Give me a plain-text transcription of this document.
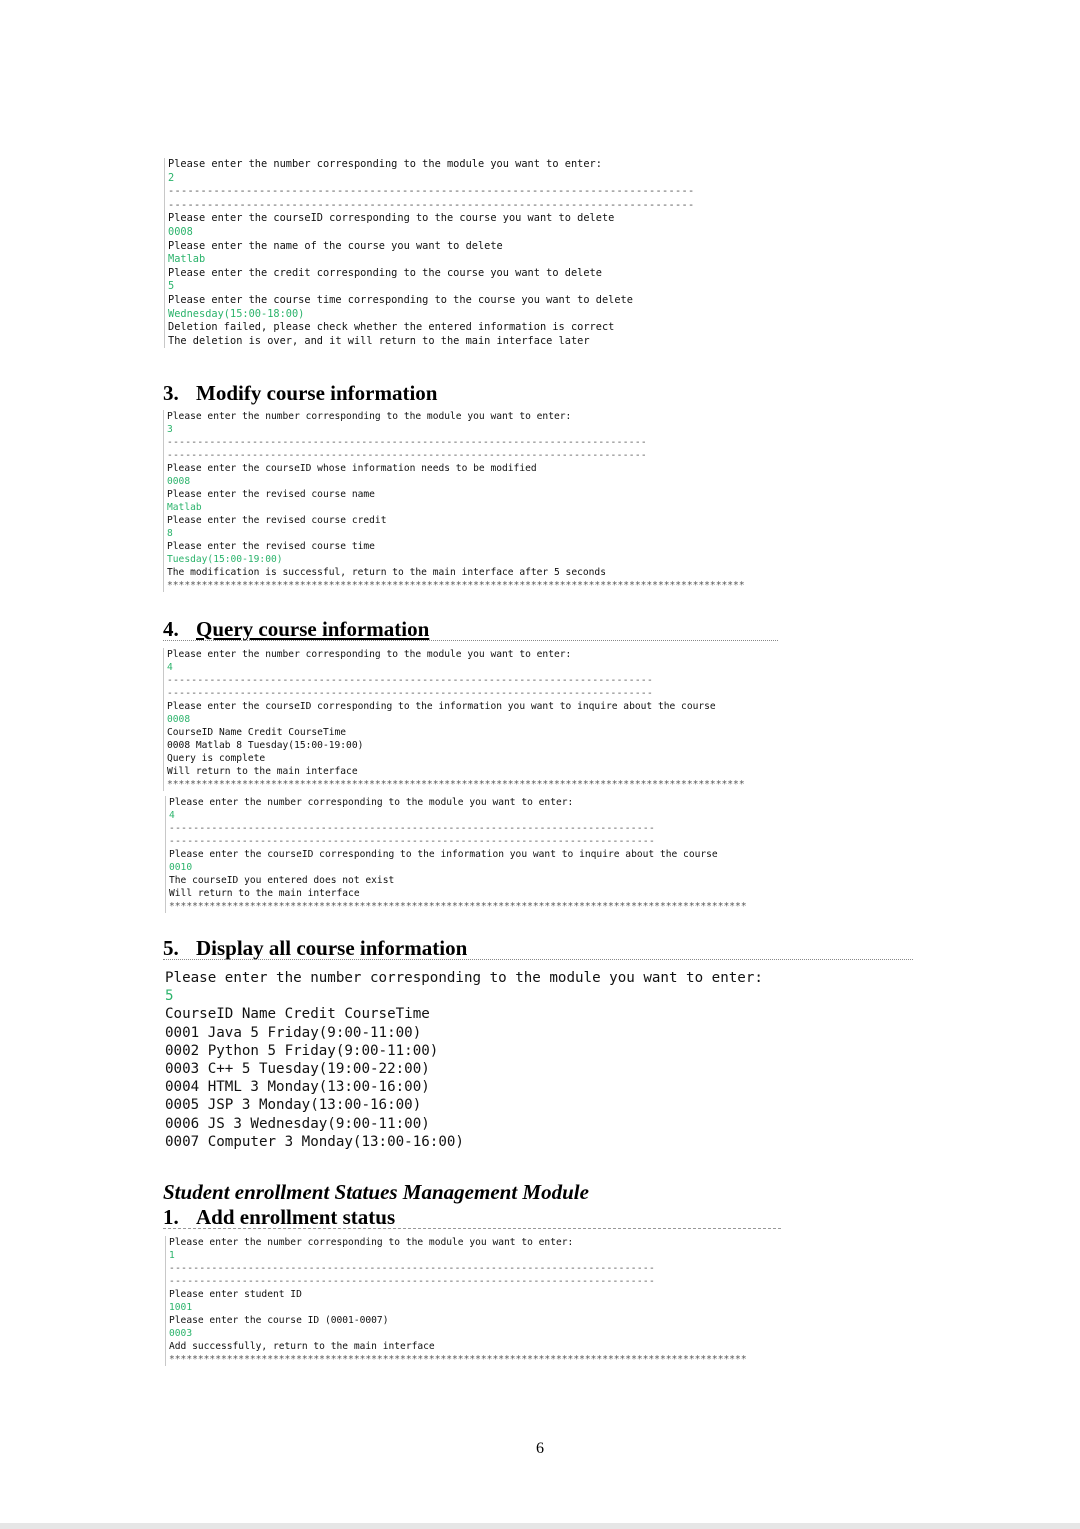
Please enter the number corresponding to the module you want to enter:
2
---------------------------------------------------------------------------------
---------------------------------------------------------------------------------
Please enter the courseID corresponding to the course you want to delete
0008
Please enter the name of the course you want to delete
Matlab
Please enter the credit corresponding to the course you want to delete
5
Please enter the course time corresponding to the course you want to delete
Wednesday(15:00-18:00)
Deletion failed, please check whether the entered information is correct
The deletion is over, and it will return to the main interface later
3. Modify course information
Please enter the number corresponding to the module you want to enter:
3
-------------------------------------------------------------------------------
-------------------------------------------------------------------------------
Please enter the courseID whose information needs to be modified
0008
Please enter the revised course name
Matlab
Please enter the revised course credit
8
Please enter the revised course time
Tuesday(15:00-19:00)
The modification is successful, return to the main interface after 5 seconds
****************************************************************************************************
4. Query course information
Please enter the number corresponding to the module you want to enter:
4
--------------------------------------------------------------------------------
--------------------------------------------------------------------------------
Please enter the courseID corresponding to the information you want to inquire about the course
0008
CourseID Name Credit CourseTime
0008 Matlab 8 Tuesday(15:00-19:00)
Query is complete
Will return to the main interface
****************************************************************************************************
Please enter the number corresponding to the module you want to enter:
4
--------------------------------------------------------------------------------
--------------------------------------------------------------------------------
Please enter the courseID corresponding to the information you want to inquire about the course
0010
The courseID you entered does not exist
Will return to the main interface
****************************************************************************************************
5. Display all course information
Please enter the number corresponding to the module you want to enter:
5
CourseID Name Credit CourseTime
0001 Java 5 Friday(9:00-11:00)
0002 Python 5 Friday(9:00-11:00)
0003 C++ 5 Tuesday(19:00-22:00)
0004 HTML 3 Monday(13:00-16:00)
0005 JSP 3 Monday(13:00-16:00)
0006 JS 3 Wednesday(9:00-11:00)
0007 Computer 3 Monday(13:00-16:00)
Student enrollment Statues Management Module
1. Add enrollment status
Please enter the number corresponding to the module you want to enter:
1
--------------------------------------------------------------------------------
--------------------------------------------------------------------------------
Please enter student ID
1001
Please enter the course ID (0001-0007)
0003
Add successfully, return to the main interface
****************************************************************************************************
6
